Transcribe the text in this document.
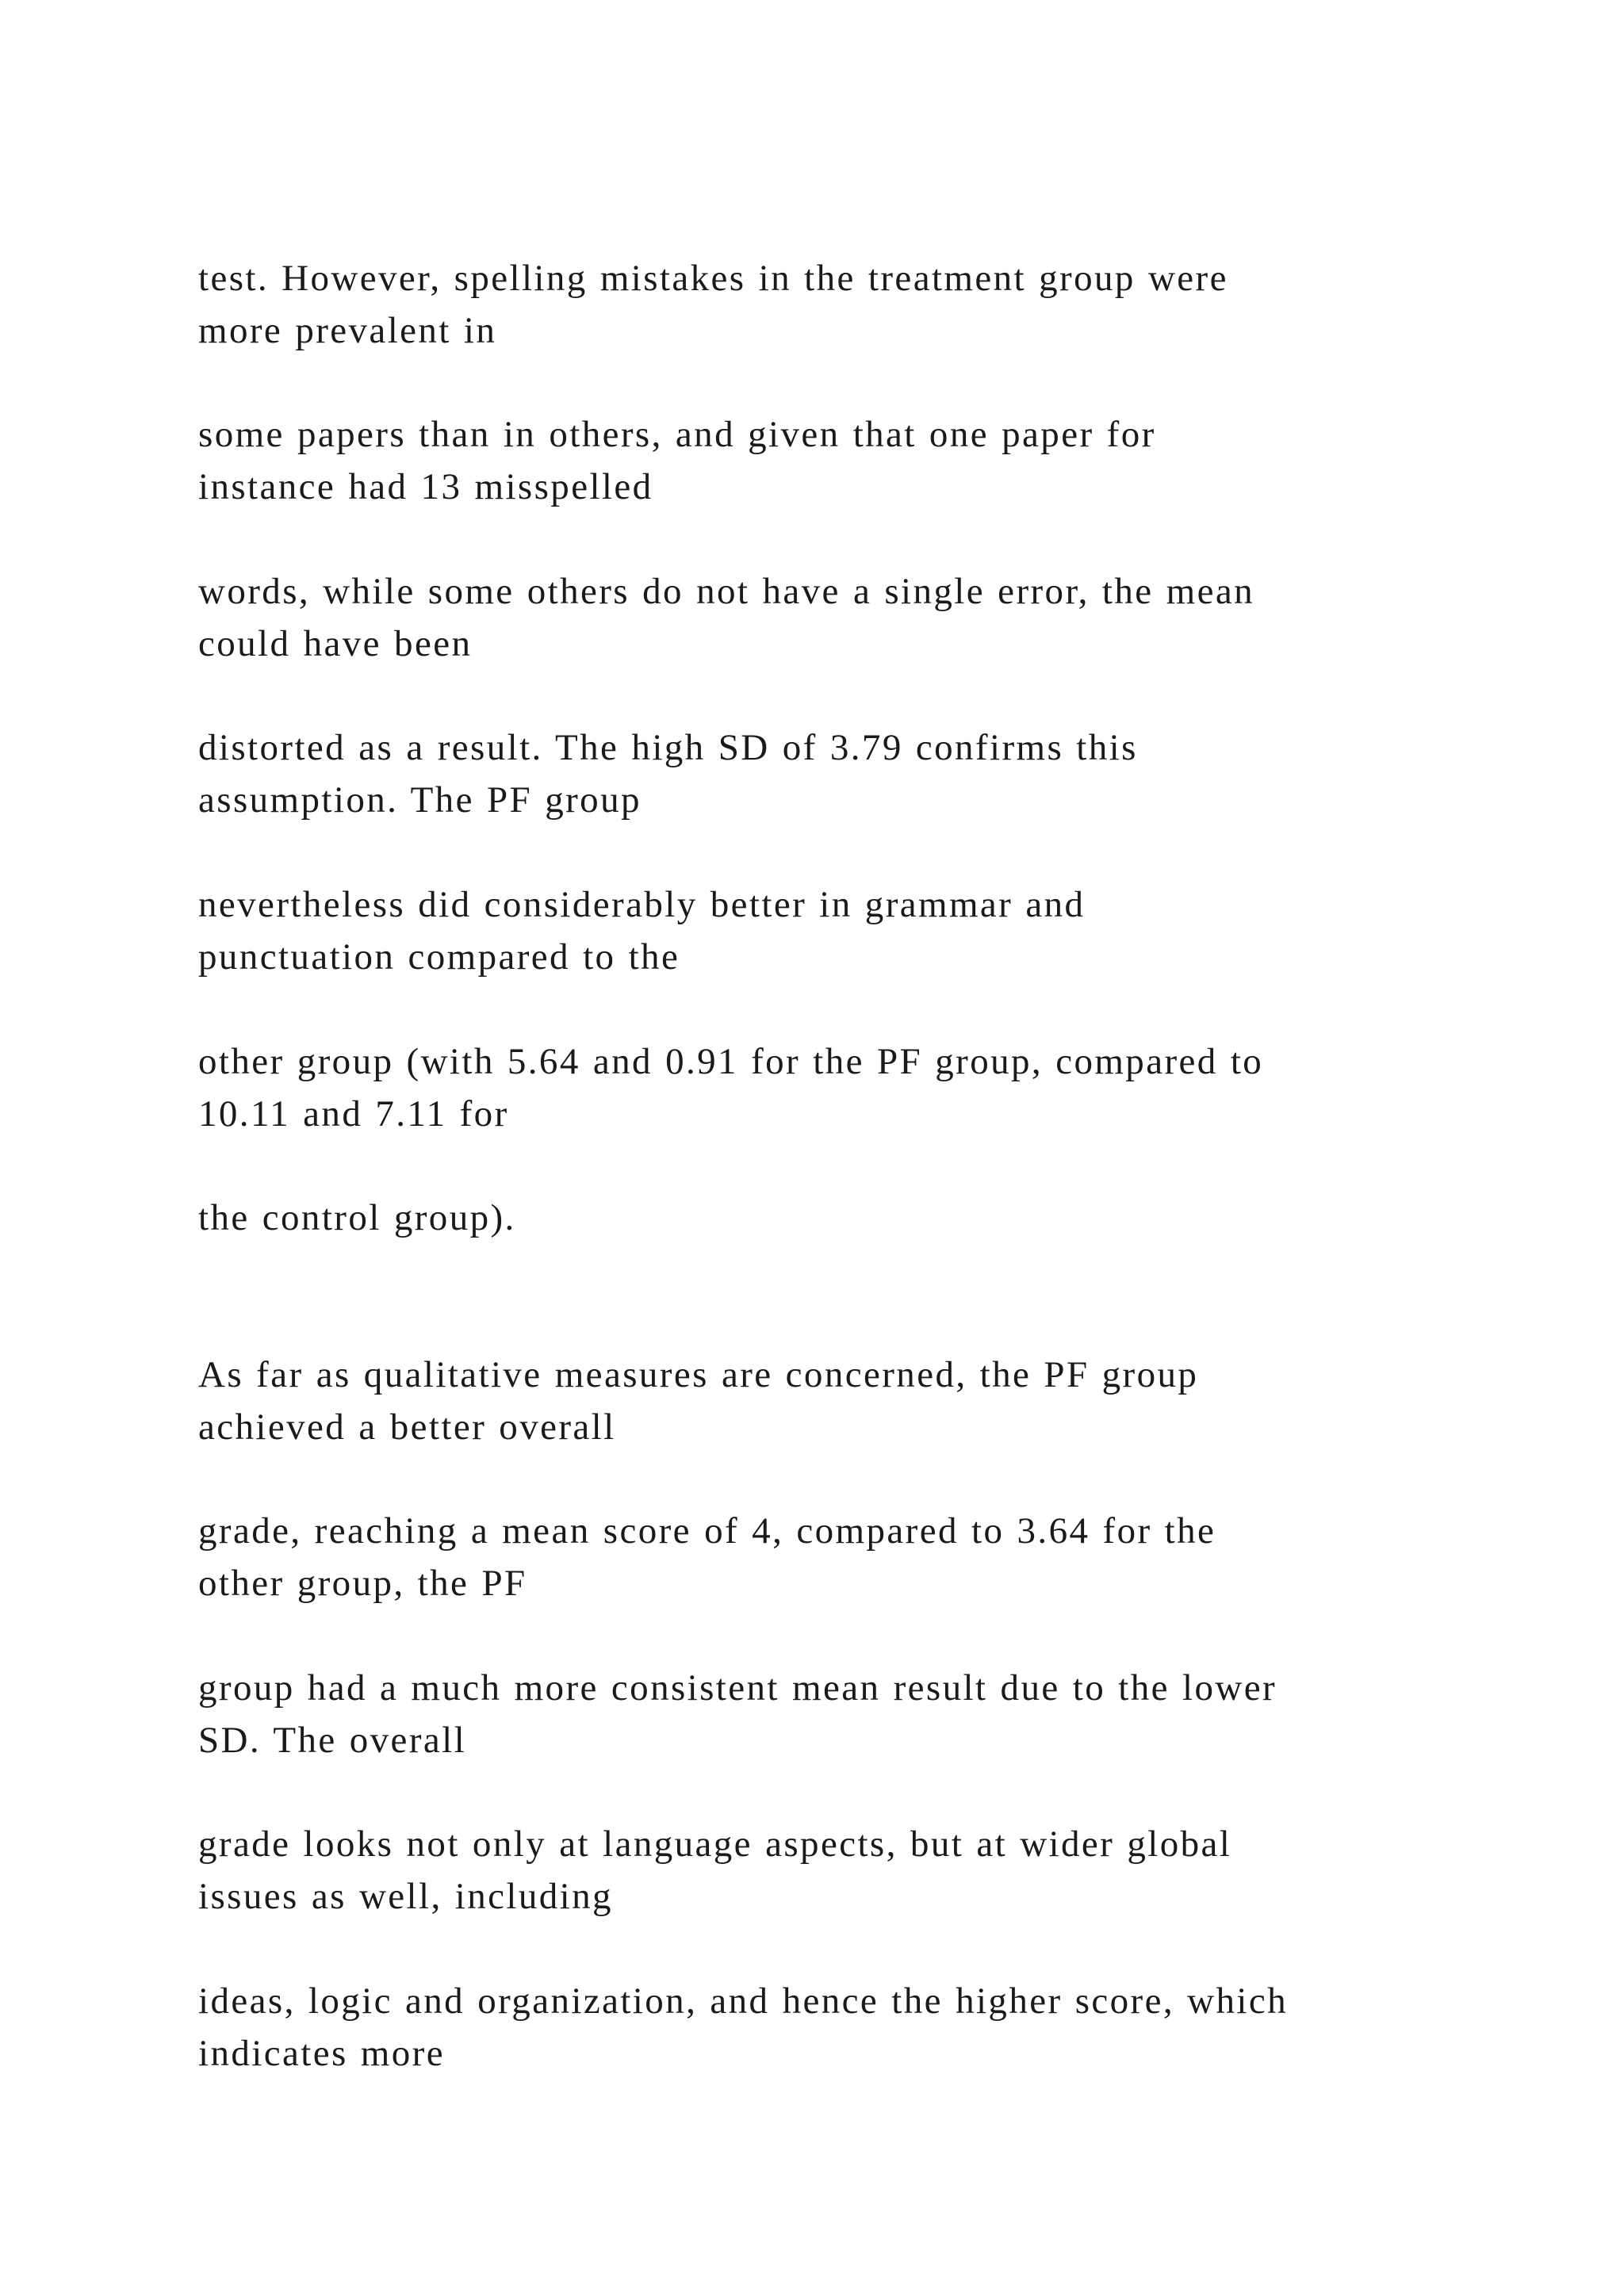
test. However, spelling mistakes in the treatment group were
more prevalent in

some papers than in others, and given that one paper for
instance had 13 misspelled

words, while some others do not have a single error, the mean
could have been

distorted as a result. The high SD of 3.79 confirms this
assumption. The PF group

nevertheless did considerably better in grammar and
punctuation compared to the

other group (with 5.64 and 0.91 for the PF group, compared to
10.11 and 7.11 for

the control group).

As far as qualitative measures are concerned, the PF group
achieved a better overall

grade, reaching a mean score of 4, compared to 3.64 for the
other group, the PF

group had a much more consistent mean result due to the lower
SD. The overall

grade looks not only at language aspects, but at wider global
issues as well, including

ideas, logic and organization, and hence the higher score, which
indicates more
